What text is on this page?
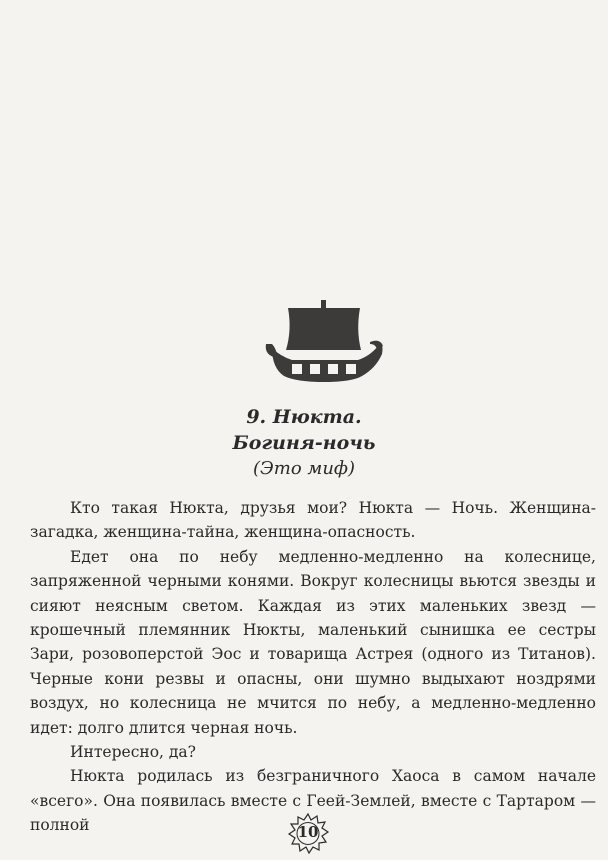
9. Нюкта.
Богиня-ночь
(Это миф)

Кто такая Нюкта, друзья мои? Нюкта — Ночь. Женщина-загадка, женщина-тайна, женщина-опасность.

Едет она по небу медленно-медленно на колеснице, запряженной черными конями. Вокруг колесницы вьются звезды и сияют неясным светом. Каждая из этих маленьких звезд — крошечный племянник Нюкты, маленький сынишка ее сестры Зари, розовоперстой Эос и товарища Астрея (одного из Титанов). Черные кони резвы и опасны, они шумно выдыхают ноздрями воздух, но колесница не мчится по небу, а медленно-медленно идет: долго длится черная ночь.

Интересно, да?

Нюкта родилась из безграничного Хаоса в самом начале «всего». Она появилась вместе с Геей-Землей, вместе с Тартаром — полной	10
